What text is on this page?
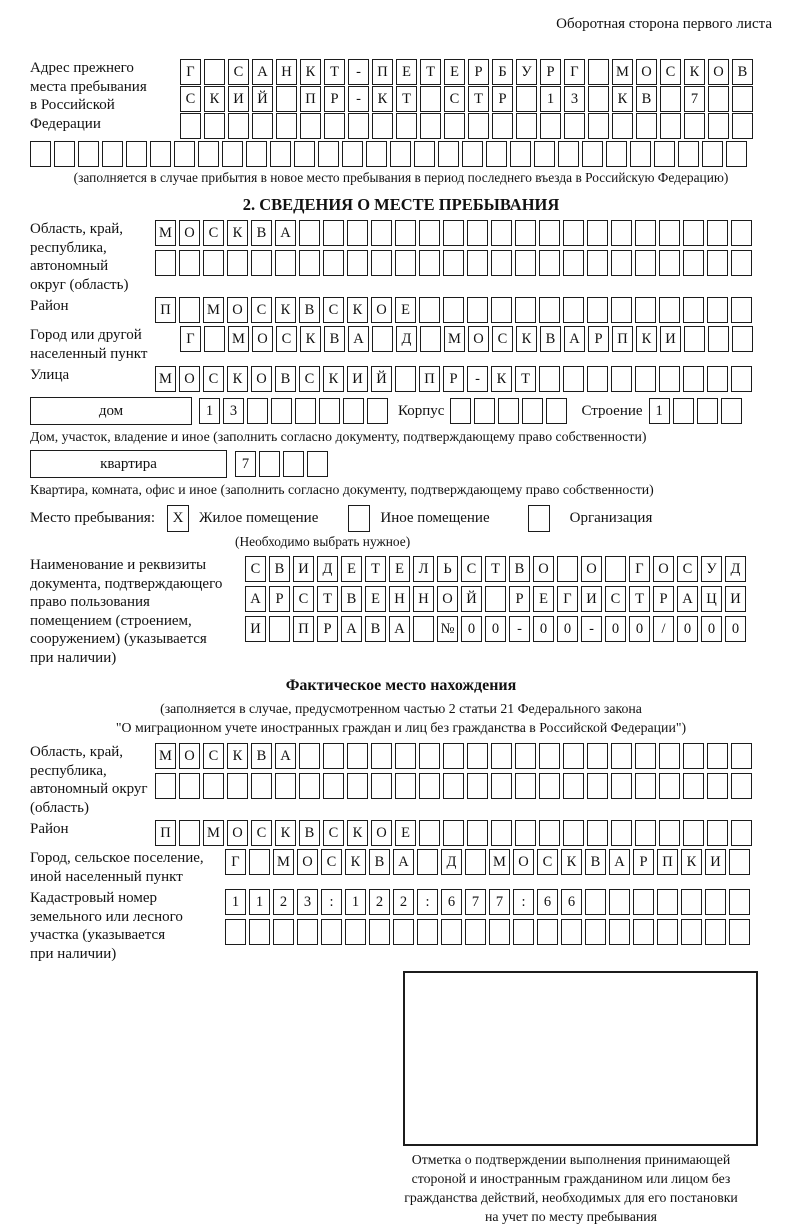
Оборотная сторона первого листа
Адрес прежнего
места пребывания
в Российской
Федерации
Г	С А Н К	Т	-	П Е	Т	Е	Р	Б	У	Р	Г	М О С К О В
С К И Й	П	Р	-	К	Т	С	Т	Р	1	3	К В	7
(заполняется в случае прибытия в новое место пребывания в период последнего въезда в Российскую Федерацию)
2. СВЕДЕНИЯ О МЕСТЕ ПРЕБЫВАНИЯ
Область, край,
республика,
автономный
округ (область)
М О С К В А
Район	П	М О С К В С К О Е
Город или другой
населенный пункт
Г	М О С К В А	Д	М О С К В А	Р	П К И
Улица	М О С К О В С К И Й	П	Р	-	К	Т
дом	1	3	Корпус	Строение 1
Дом, участок, владение и иное (заполнить согласно документу, подтверждающему право собственности)
квартира	7
Квартира, комната, офис и иное (заполнить согласно документу, подтверждающему право собственности)
Место пребывания:	X	Жилое помещение	Иное помещение	Организация
(Необходимо выбрать нужное)
Наименование и реквизиты
документа, подтверждающего
право пользования
помещением (строением,
сооружением) (указывается
при наличии)
С В И Д	Е	Т	Е	Л	Ь	С	Т	В О	О	Г	О С У Д
А	Р	С	Т	В	Е Н Н О Й	Р	Е	Г	И С	Т	Р	А Ц И
И	П	Р	А В А	№ 0	0	-	0	0	-	0	0	/	0	0	0
Фактическое место нахождения
(заполняется в случае, предусмотренном частью 2 статьи 21 Федерального закона
"О миграционном учете иностранных граждан и лиц без гражданства в Российской Федерации")
Область, край,
республика,
автономный округ
(область)
М О С К В А
Район	П	М О С К В С К О Е
Город, сельское поселение,
иной населенный пункт
Г	М О С К В А	Д	М О С К В А	Р	П К И
Кадастровый номер
земельного или лесного
участка (указывается
при наличии)
1	1	2	3	:	1	2	2	:	6	7	7	:	6	6
Отметка о подтверждении выполнения принимающей
стороной и иностранным гражданином или лицом без
гражданства действий, необходимых для его постановки
на учет по месту пребывания
